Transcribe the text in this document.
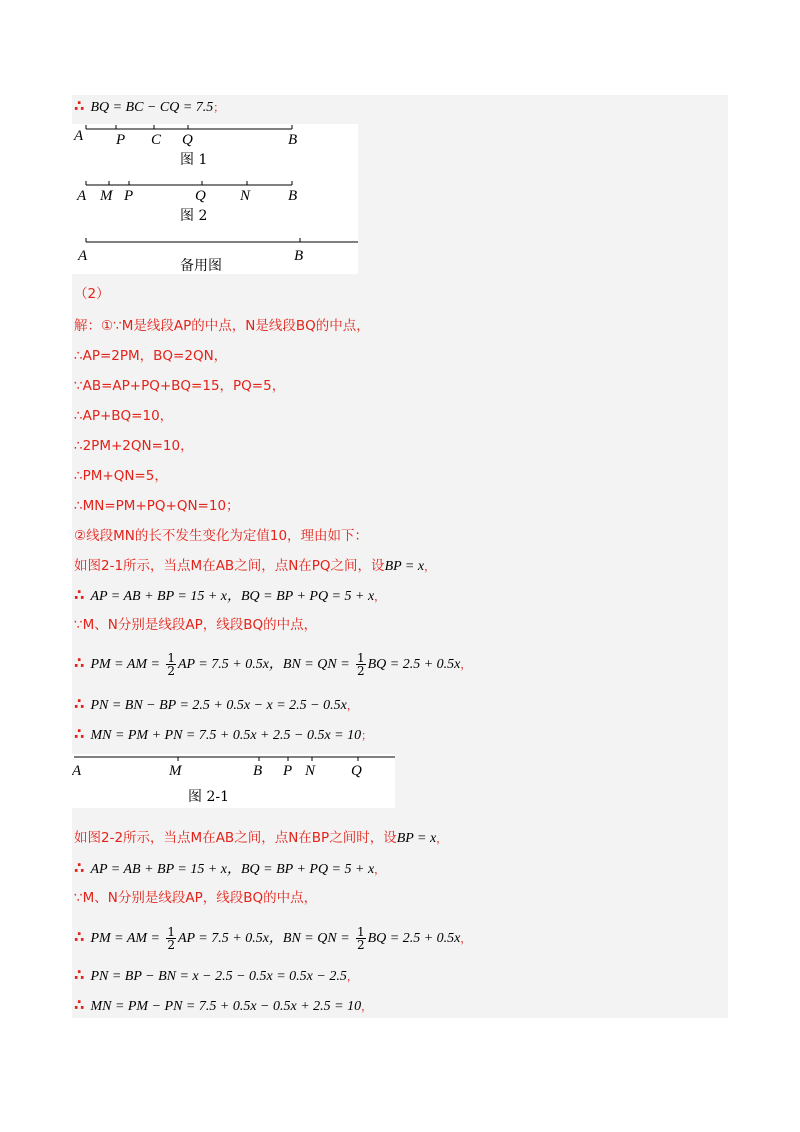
∴ BQ = BC − CQ = 7.5；
A P C Q	B
图 1
A M P	Q N	B
图 2
A	B
备用图
（2）
解：①∵M是线段AP的中点，N是线段BQ的中点，
∴AP=2PM，BQ=2QN，
∵AB=AP+PQ+BQ=15，PQ=5，
∴AP+BQ=10，
∴2PM+2QN=10，
∴PM+QN=5，
∴MN=PM+PQ+QN=10；
②线段MN的长不发生变化为定值10，理由如下：
如图2-1所示，当点M在AB之间，点N在PQ之间，设BP = x，
∴ AP = AB + BP = 15 + x，BQ = BP + PQ = 5 + x，
∵M、N分别是线段AP，线段BQ的中点，
∴ PM = AM = $\frac{1}{2}$ AP = 7.5 + 0.5x，BN = QN = $\frac{1}{2}$ BQ = 2.5 + 0.5x，
∴ PN = BN − BP = 2.5 + 0.5x − x = 2.5 − 0.5x，
∴ MN = PM + PN = 7.5 + 0.5x + 2.5 − 0.5x = 10；
A	M	B P N Q
图 2-1
如图2-2所示，当点M在AB之间，点N在BP之间时，设BP = x，
∴ AP = AB + BP = 15 + x，BQ = BP + PQ = 5 + x，
∵M、N分别是线段AP，线段BQ的中点，
∴ PM = AM = $\frac{1}{2}$ AP = 7.5 + 0.5x，BN = QN = $\frac{1}{2}$ BQ = 2.5 + 0.5x，
∴ PN = BP − BN = x − 2.5 − 0.5x = 0.5x − 2.5，
∴ MN = PM − PN = 7.5 + 0.5x − 0.5x + 2.5 = 10，
